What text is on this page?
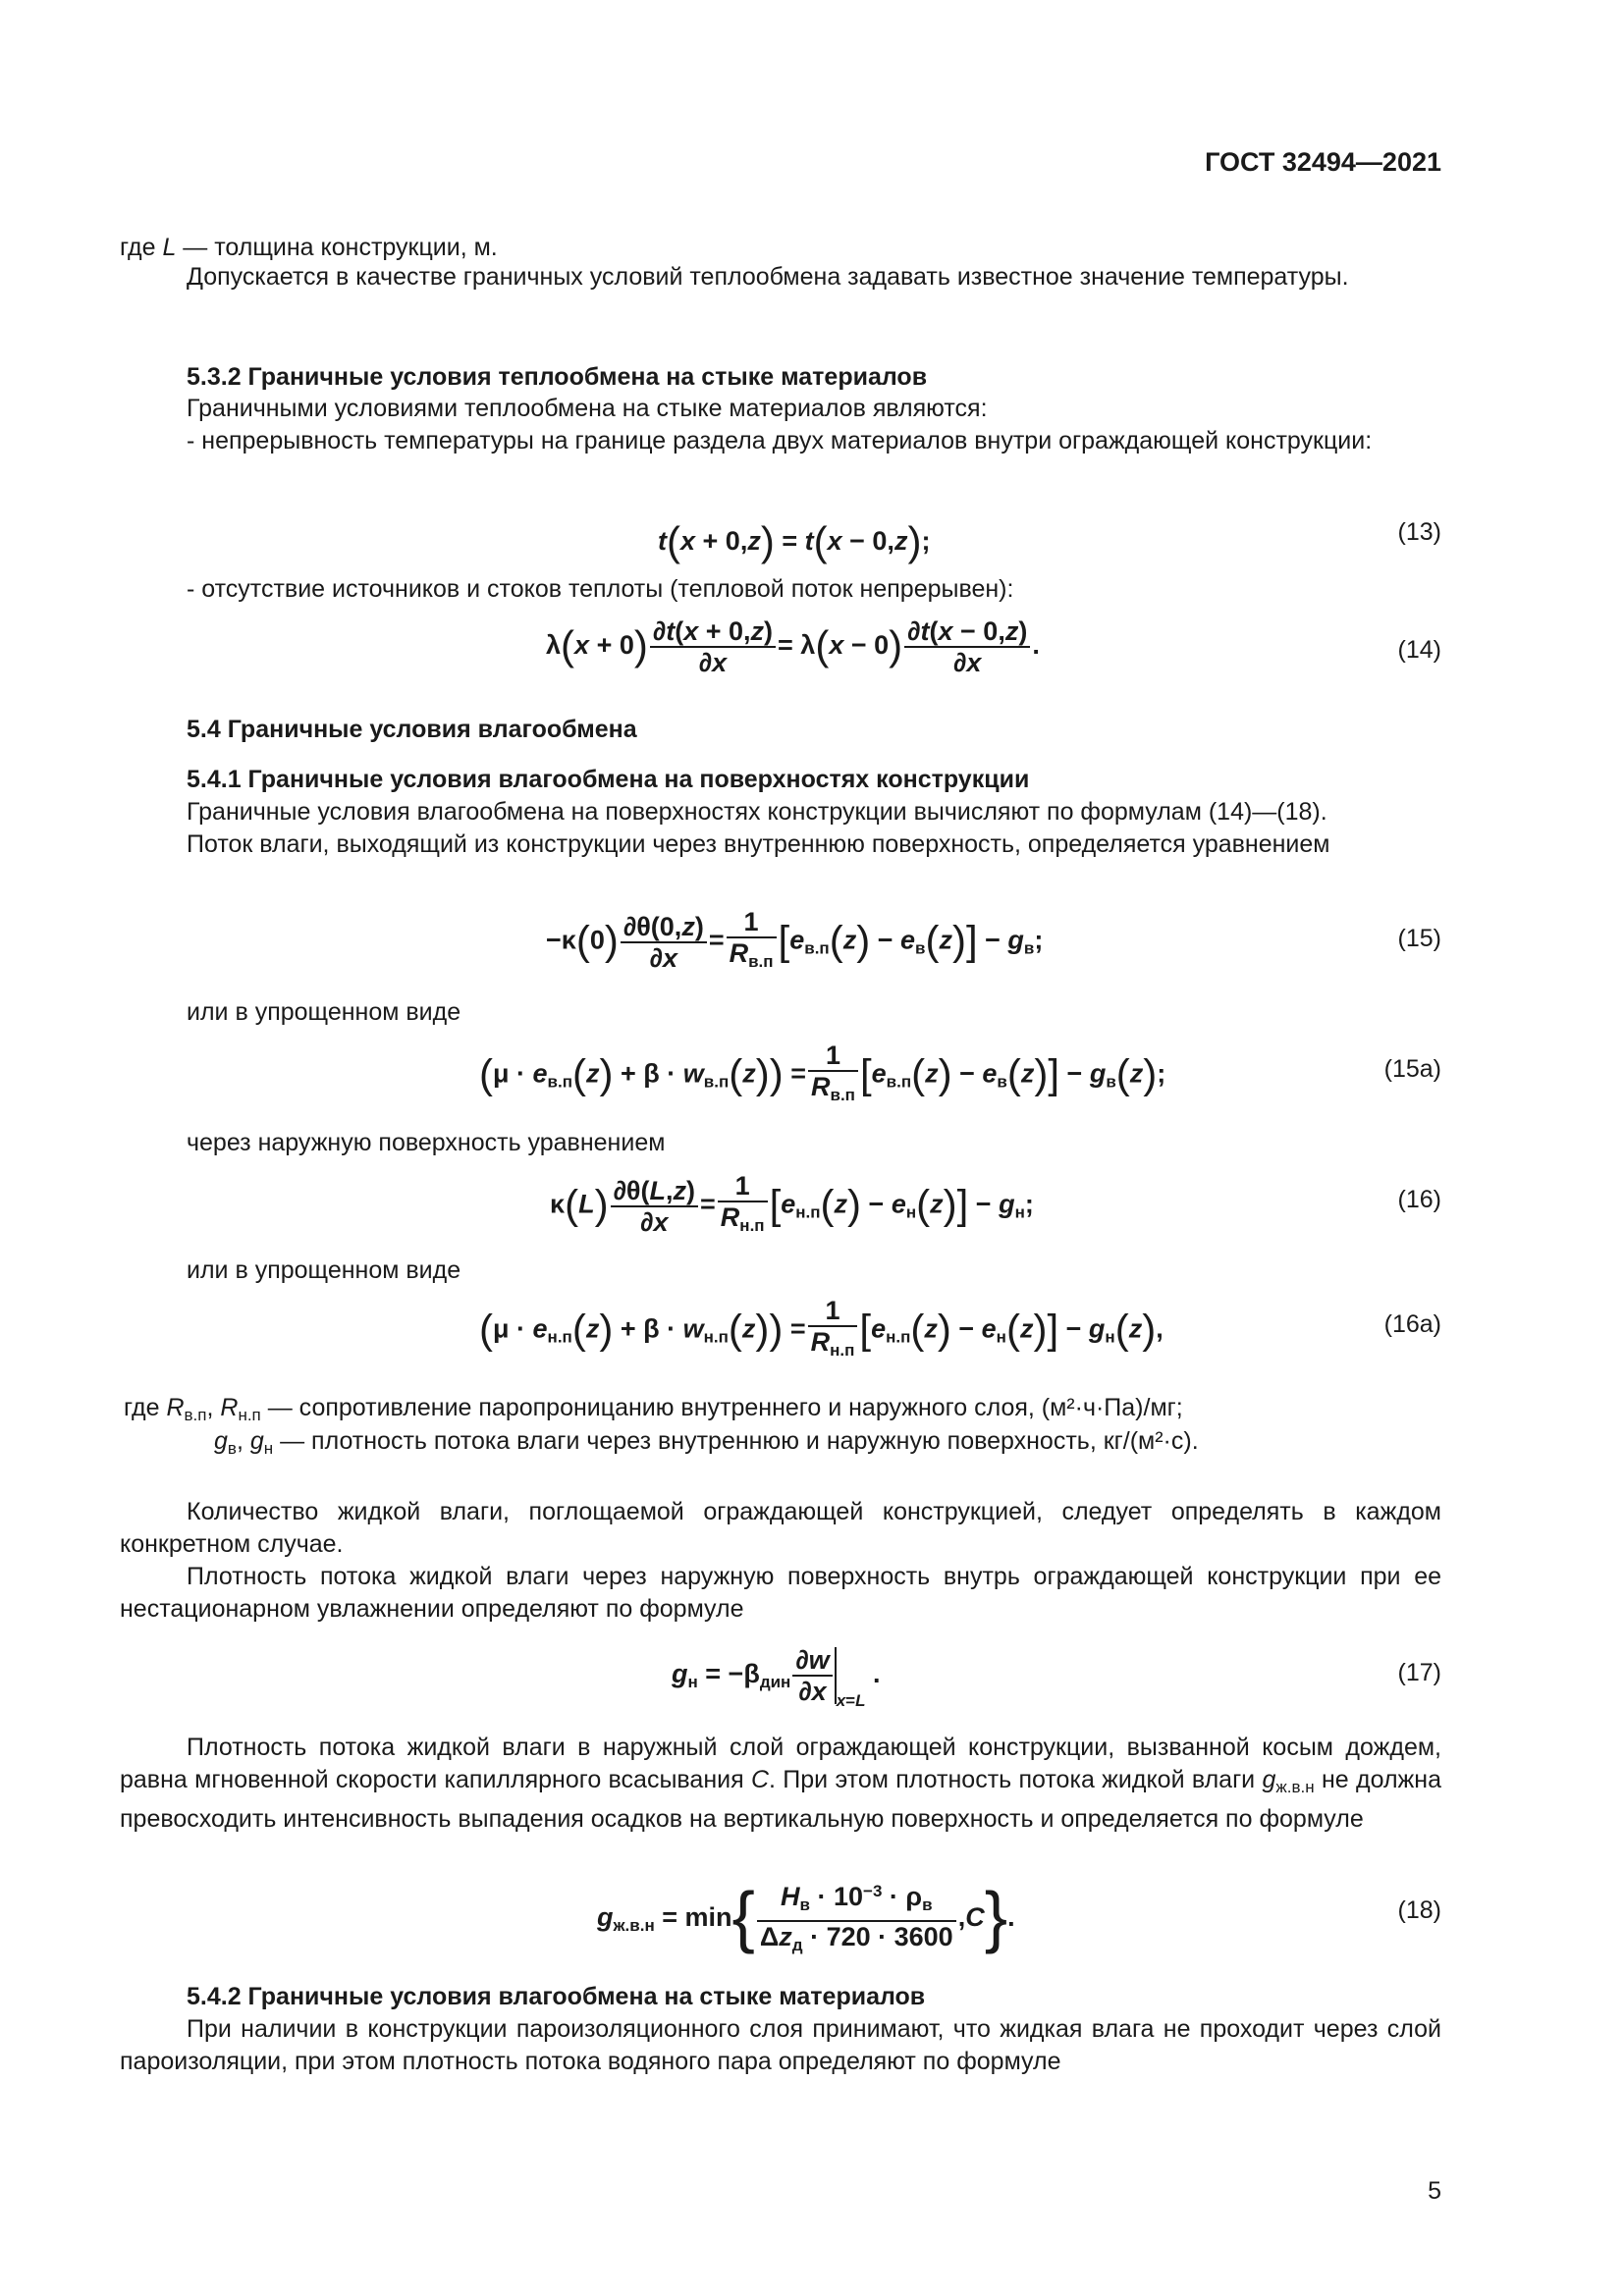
ГОСТ 32494—2021

где L — толщина конструкции, м.

Допускается в качестве граничных условий теплообмена задавать известное значение температуры.

5.3.2 Граничные условия теплообмена на стыке материалов

Граничными условиями теплообмена на стыке материалов являются:

- непрерывность температуры на границе раздела двух материалов внутри ограждающей конструкции:

t(x + 0,z) = t(x − 0,z);	(13)

- отсутствие источников и стоков теплоты (тепловой поток непрерывен):

$\lambda(x + 0) \frac{\partial t(x + 0,z)}{\partial x} = \lambda(x - 0) \frac{\partial t(x - 0,z)}{\partial x}$ .	(14)
5.4 Граничные условия влагообмена
5.4.1 Граничные условия влагообмена на поверхностях конструкции

Граничные условия влагообмена на поверхностях конструкции вычисляют по формулам (14)—(18).

Поток влаги, выходящий из конструкции через внутреннюю поверхность, определяется уравнением

$-\kappa(0) \frac{\partial\theta(0,z)}{\partial x} = \frac{1}{R_{в.п}} [e_{в.п}(z) - e_в(z)] - g_в$;	(15)

или в упрощенном виде

$(\mu \cdot e_{в.п}(z) + \beta \cdot w_{в.п}(z)) = \frac{1}{R_{в.п}} [e_{в.п}(z) - e_в(z)] - g_в(z)$;	(15а)

через наружную поверхность уравнением

$\kappa(L) \frac{\partial\theta(L,z)}{\partial x} = \frac{1}{R_{н.п}} [e_{н.п}(z) - e_н(z)] - g_н$;	(16)

или в упрощенном виде

$(\mu \cdot e_{н.п}(z) + \beta \cdot w_{н.п}(z)) = \frac{1}{R_{н.п}} [e_{н.п}(z) - e_н(z)] - g_н(z)$,	(16а)

где $R_{в.п}$, $R_{н.п}$ — сопротивление паропроницанию внутреннего и наружного слоя, (м²·ч·Па)/мг;

$g_в$, $g_н$ — плотность потока влаги через внутреннюю и наружную поверхность, кг/(м²·с).

Количество жидкой влаги, поглощаемой ограждающей конструкцией, следует определять в каждом конкретном случае.

Плотность потока жидкой влаги через наружную поверхность внутрь ограждающей конструкции при ее нестационарном увлажнении определяют по формуле

$g_н = -\beta_{дин} \frac{\partial w}{\partial x} _{x=L}$ .	(17)

Плотность потока жидкой влаги в наружный слой ограждающей конструкции, вызванной косым дождем, равна мгновенной скорости капиллярного всасывания C. При этом плотность потока жидкой влаги $g_{ж.в.н}$ не должна превосходить интенсивность выпадения осадков на вертикальную поверхность и определяется по формуле

$g_{ж.в.н} = \min\{ \frac{H_в \cdot 10^{-3} \cdot \rho_в}{\Delta z_д \cdot 720 \cdot 3600} ,C\}$.	(18)
5.4.2 Граничные условия влагообмена на стыке материалов

При наличии в конструкции пароизоляционного слоя принимают, что жидкая влага не проходит через слой пароизоляции, при этом плотность потока водяного пара определяют по формуле

5
